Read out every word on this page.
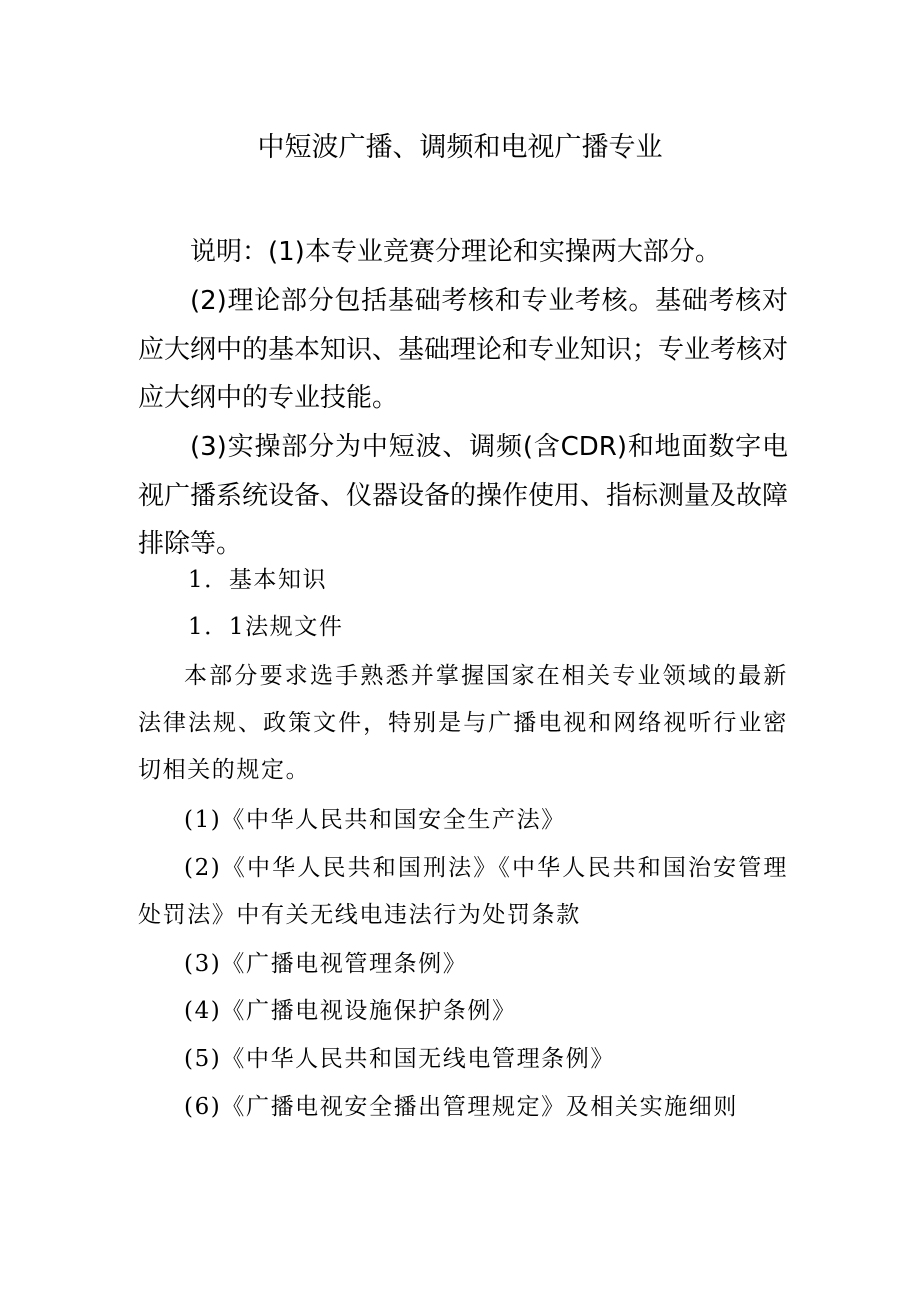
中短波广播、调频和电视广播专业

说明：(1)本专业竞赛分理论和实操两大部分。

(2)理论部分包括基础考核和专业考核。基础考核对应大纲中的基本知识、基础理论和专业知识；专业考核对应大纲中的专业技能。

(3)实操部分为中短波、调频(含CDR)和地面数字电视广播系统设备、仪器设备的操作使用、指标测量及故障排除等。

1．基本知识

1．1法规文件

本部分要求选手熟悉并掌握国家在相关专业领域的最新法律法规、政策文件，特别是与广播电视和网络视听行业密切相关的规定。

(1)《中华人民共和国安全生产法》

(2)《中华人民共和国刑法》《中华人民共和国治安管理处罚法》中有关无线电违法行为处罚条款

(3)《广播电视管理条例》

(4)《广播电视设施保护条例》

(5)《中华人民共和国无线电管理条例》

(6)《广播电视安全播出管理规定》及相关实施细则
